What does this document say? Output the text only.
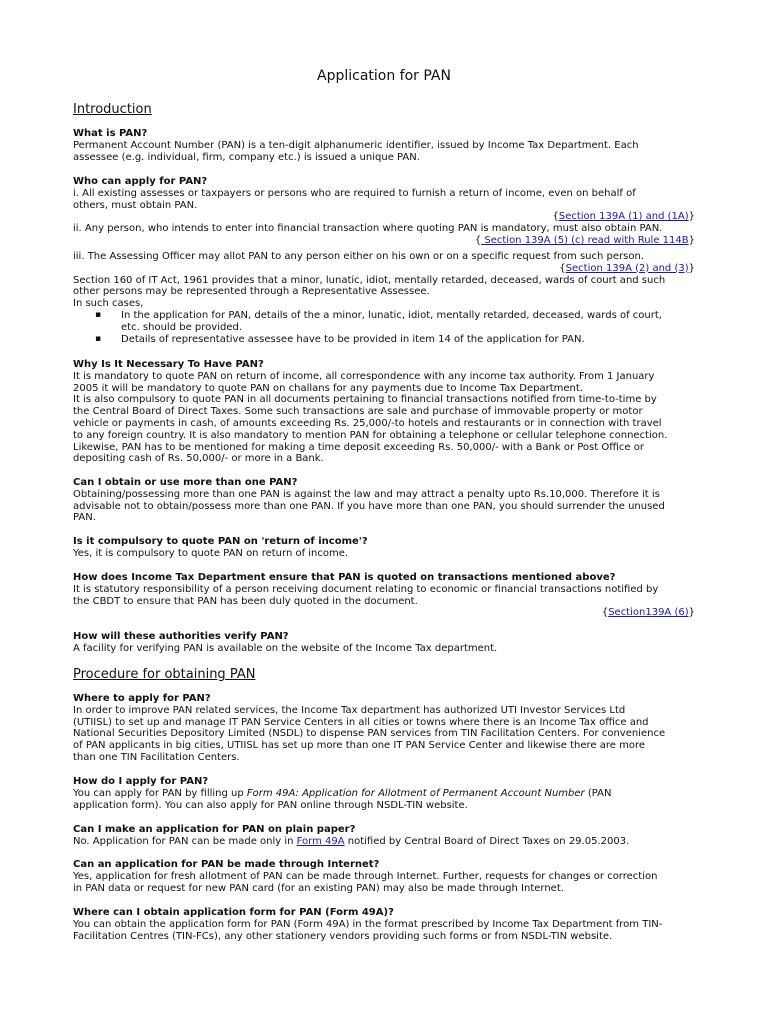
Application for PAN
Introduction
What is PAN?
Permanent Account Number (PAN) is a ten-digit alphanumeric identifier, issued by Income Tax Department. Each
assessee (e.g. individual, firm, company etc.) is issued a unique PAN.
Who can apply for PAN?
i. All existing assesses or taxpayers or persons who are required to furnish a return of income, even on behalf of
others, must obtain PAN.
{Section 139A (1) and (1A)}
ii. Any person, who intends to enter into financial transaction where quoting PAN is mandatory, must also obtain PAN.
{ Section 139A (5) (c) read with Rule 114B}
iii. The Assessing Officer may allot PAN to any person either on his own or on a specific request from such person.
{Section 139A (2) and (3)}
Section 160 of IT Act, 1961 provides that a minor, lunatic, idiot, mentally retarded, deceased, wards of court and such
other persons may be represented through a Representative Assessee.
In such cases,
▪ In the application for PAN, details of the a minor, lunatic, idiot, mentally retarded, deceased, wards of court,
etc. should be provided.
▪ Details of representative assessee have to be provided in item 14 of the application for PAN.
Why Is It Necessary To Have PAN?
It is mandatory to quote PAN on return of income, all correspondence with any income tax authority. From 1 January
2005 it will be mandatory to quote PAN on challans for any payments due to Income Tax Department.
It is also compulsory to quote PAN in all documents pertaining to financial transactions notified from time-to-time by
the Central Board of Direct Taxes. Some such transactions are sale and purchase of immovable property or motor
vehicle or payments in cash, of amounts exceeding Rs. 25,000/-to hotels and restaurants or in connection with travel
to any foreign country. It is also mandatory to mention PAN for obtaining a telephone or cellular telephone connection.
Likewise, PAN has to be mentioned for making a time deposit exceeding Rs. 50,000/- with a Bank or Post Office or
depositing cash of Rs. 50,000/- or more in a Bank.
Can I obtain or use more than one PAN?
Obtaining/possessing more than one PAN is against the law and may attract a penalty upto Rs.10,000. Therefore it is
advisable not to obtain/possess more than one PAN. If you have more than one PAN, you should surrender the unused
PAN.
Is it compulsory to quote PAN on 'return of income'?
Yes, it is compulsory to quote PAN on return of income.
How does Income Tax Department ensure that PAN is quoted on transactions mentioned above?
It is statutory responsibility of a person receiving document relating to economic or financial transactions notified by
the CBDT to ensure that PAN has been duly quoted in the document.
{Section139A (6)}
How will these authorities verify PAN?
A facility for verifying PAN is available on the website of the Income Tax department.
Procedure for obtaining PAN
Where to apply for PAN?
In order to improve PAN related services, the Income Tax department has authorized UTI Investor Services Ltd
(UTIISL) to set up and manage IT PAN Service Centers in all cities or towns where there is an Income Tax office and
National Securities Depository Limited (NSDL) to dispense PAN services from TIN Facilitation Centers. For convenience
of PAN applicants in big cities, UTIISL has set up more than one IT PAN Service Center and likewise there are more
than one TIN Facilitation Centers.
How do I apply for PAN?
You can apply for PAN by filling up Form 49A: Application for Allotment of Permanent Account Number (PAN
application form). You can also apply for PAN online through NSDL-TIN website.
Can I make an application for PAN on plain paper?
No. Application for PAN can be made only in Form 49A notified by Central Board of Direct Taxes on 29.05.2003.
Can an application for PAN be made through Internet?
Yes, application for fresh allotment of PAN can be made through Internet. Further, requests for changes or correction
in PAN data or request for new PAN card (for an existing PAN) may also be made through Internet.
Where can I obtain application form for PAN (Form 49A)?
You can obtain the application form for PAN (Form 49A) in the format prescribed by Income Tax Department from TIN-
Facilitation Centres (TIN-FCs), any other stationery vendors providing such forms or from NSDL-TIN website.
